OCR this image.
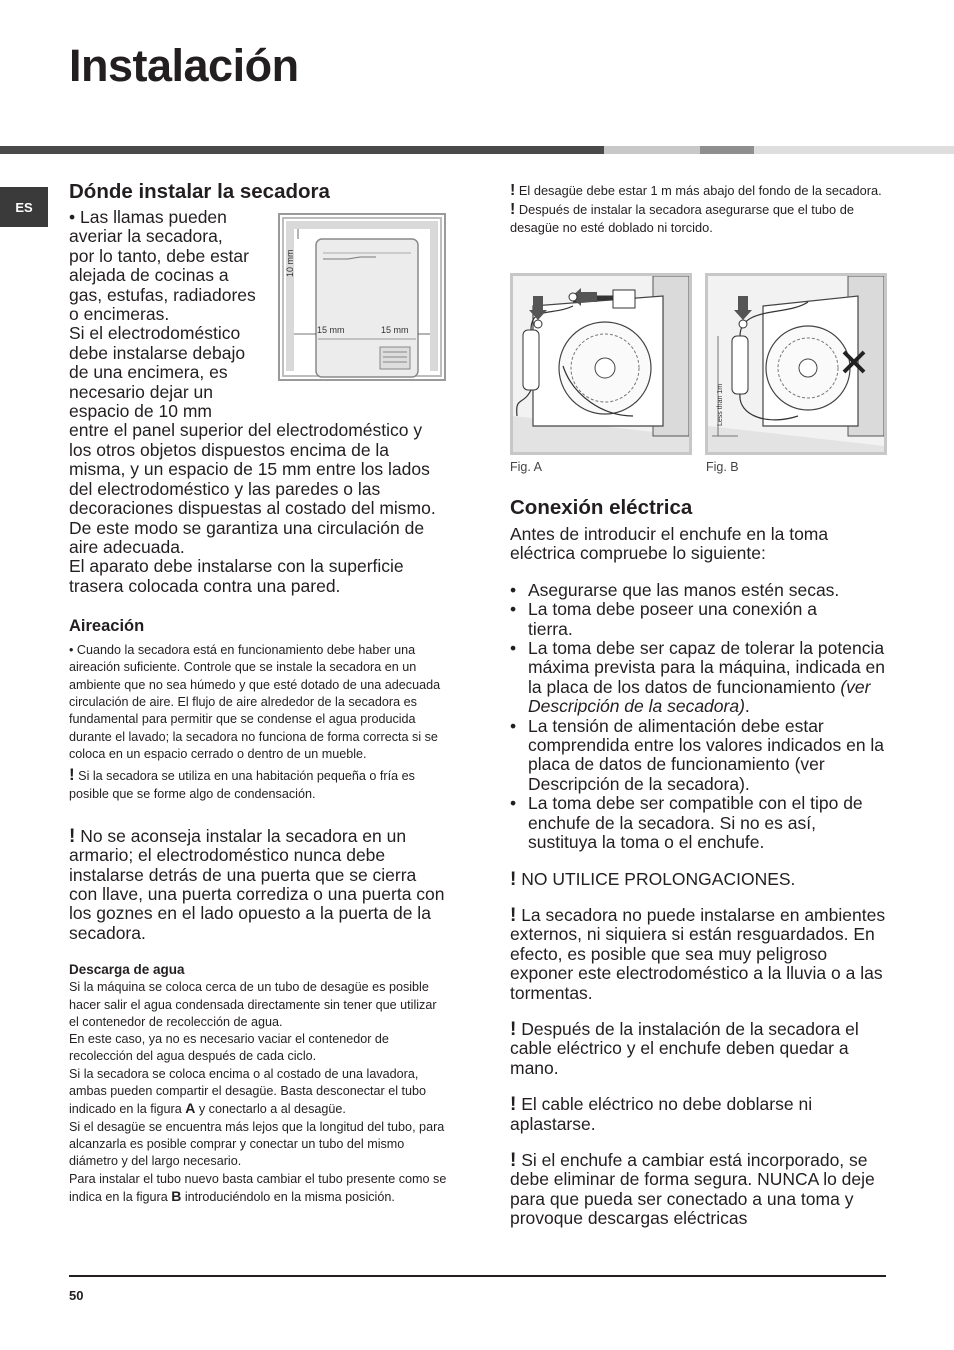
Instalación
ES
Dónde instalar la secadora
• Las llamas pueden
averiar la secadora,
por lo tanto, debe estar
alejada de cocinas a
gas, estufas, radiadores
o encimeras.
Si el electrodoméstico
debe instalarse debajo
de una encimera, es
necesario dejar un
espacio de 10 mm

entre el panel superior del electrodoméstico y los otros objetos dispuestos encima de la misma, y un espacio de 15 mm entre los lados del electrodoméstico y las paredes o las decoraciones dispuestas al costado del mismo. De este modo se garantiza una circulación de aire adecuada.

El aparato debe instalarse con la superficie trasera colocada contra una pared.

Aireación

• Cuando la secadora está en funcionamiento debe haber una aireación suficiente. Controle que se instale la secadora en un ambiente que no sea húmedo y que esté dotado de una adecuada circulación de aire. El flujo de aire alrededor de la secadora es fundamental para permitir que se condense el agua producida durante el lavado; la secadora no funciona de forma correcta si se coloca en un espacio cerrado o dentro de un mueble.

! Si la secadora se utiliza en una habitación pequeña o fría es posible que se forme algo de condensación.

! No se aconseja instalar la secadora en un armario; el electrodoméstico nunca debe instalarse detrás de una puerta que se cierra con llave, una puerta corrediza o una puerta con los goznes en el lado opuesto a la puerta de la secadora.

Descarga de agua

Si la máquina se coloca cerca de un tubo de desagüe es posible hacer salir el agua condensada directamente sin tener que utilizar el contenedor de recolección de agua.

En este caso, ya no es necesario vaciar el contenedor de recolección del agua después de cada ciclo.

Si la secadora se coloca encima o al costado de una lavadora, ambas pueden compartir el desagüe. Basta desconectar el tubo indicado en la figura A y conectarlo a al desagüe.

Si el desagüe se encuentra más lejos que la longitud del tubo, para alcanzarla es posible comprar y conectar un tubo del mismo diámetro y del largo necesario.

Para instalar el tubo nuevo basta cambiar el tubo presente como se indica en la figura B introduciéndolo en la misma posición.

10 mm
15 mm	15 mm

! El desagüe debe estar 1 m más abajo del fondo de la secadora.

! Después de instalar la secadora asegurarse que el tubo de desagüe no esté doblado ni torcido.

Fig. A
Less than 1m
Fig. B
Conexión eléctrica

Antes de introducir el enchufe en la toma eléctrica compruebe lo siguiente:

• Asegurarse que las manos estén secas.
• La toma debe poseer una conexión a tierra.
• La toma debe ser capaz de tolerar la potencia máxima prevista para la máquina, indicada en la placa de los datos de funcionamiento (ver Descripción de la secadora).
• La tensión de alimentación debe estar comprendida entre los valores indicados en la placa de datos de funcionamiento (ver Descripción de la secadora).
• La toma debe ser compatible con el tipo de enchufe de la secadora. Si no es así, sustituya la toma o el enchufe.

! NO UTILICE PROLONGACIONES.

! La secadora no puede instalarse en ambientes externos, ni siquiera si están resguardados. En efecto, es posible que sea muy peligroso exponer este electrodoméstico a la lluvia o a las tormentas.

! Después de la instalación de la secadora el cable eléctrico y el enchufe deben quedar a mano.

! El cable eléctrico no debe doblarse ni aplastarse.

! Si el enchufe a cambiar está incorporado, se debe eliminar de forma segura. NUNCA lo deje para que pueda ser conectado a una toma y provoque descargas eléctricas

50
